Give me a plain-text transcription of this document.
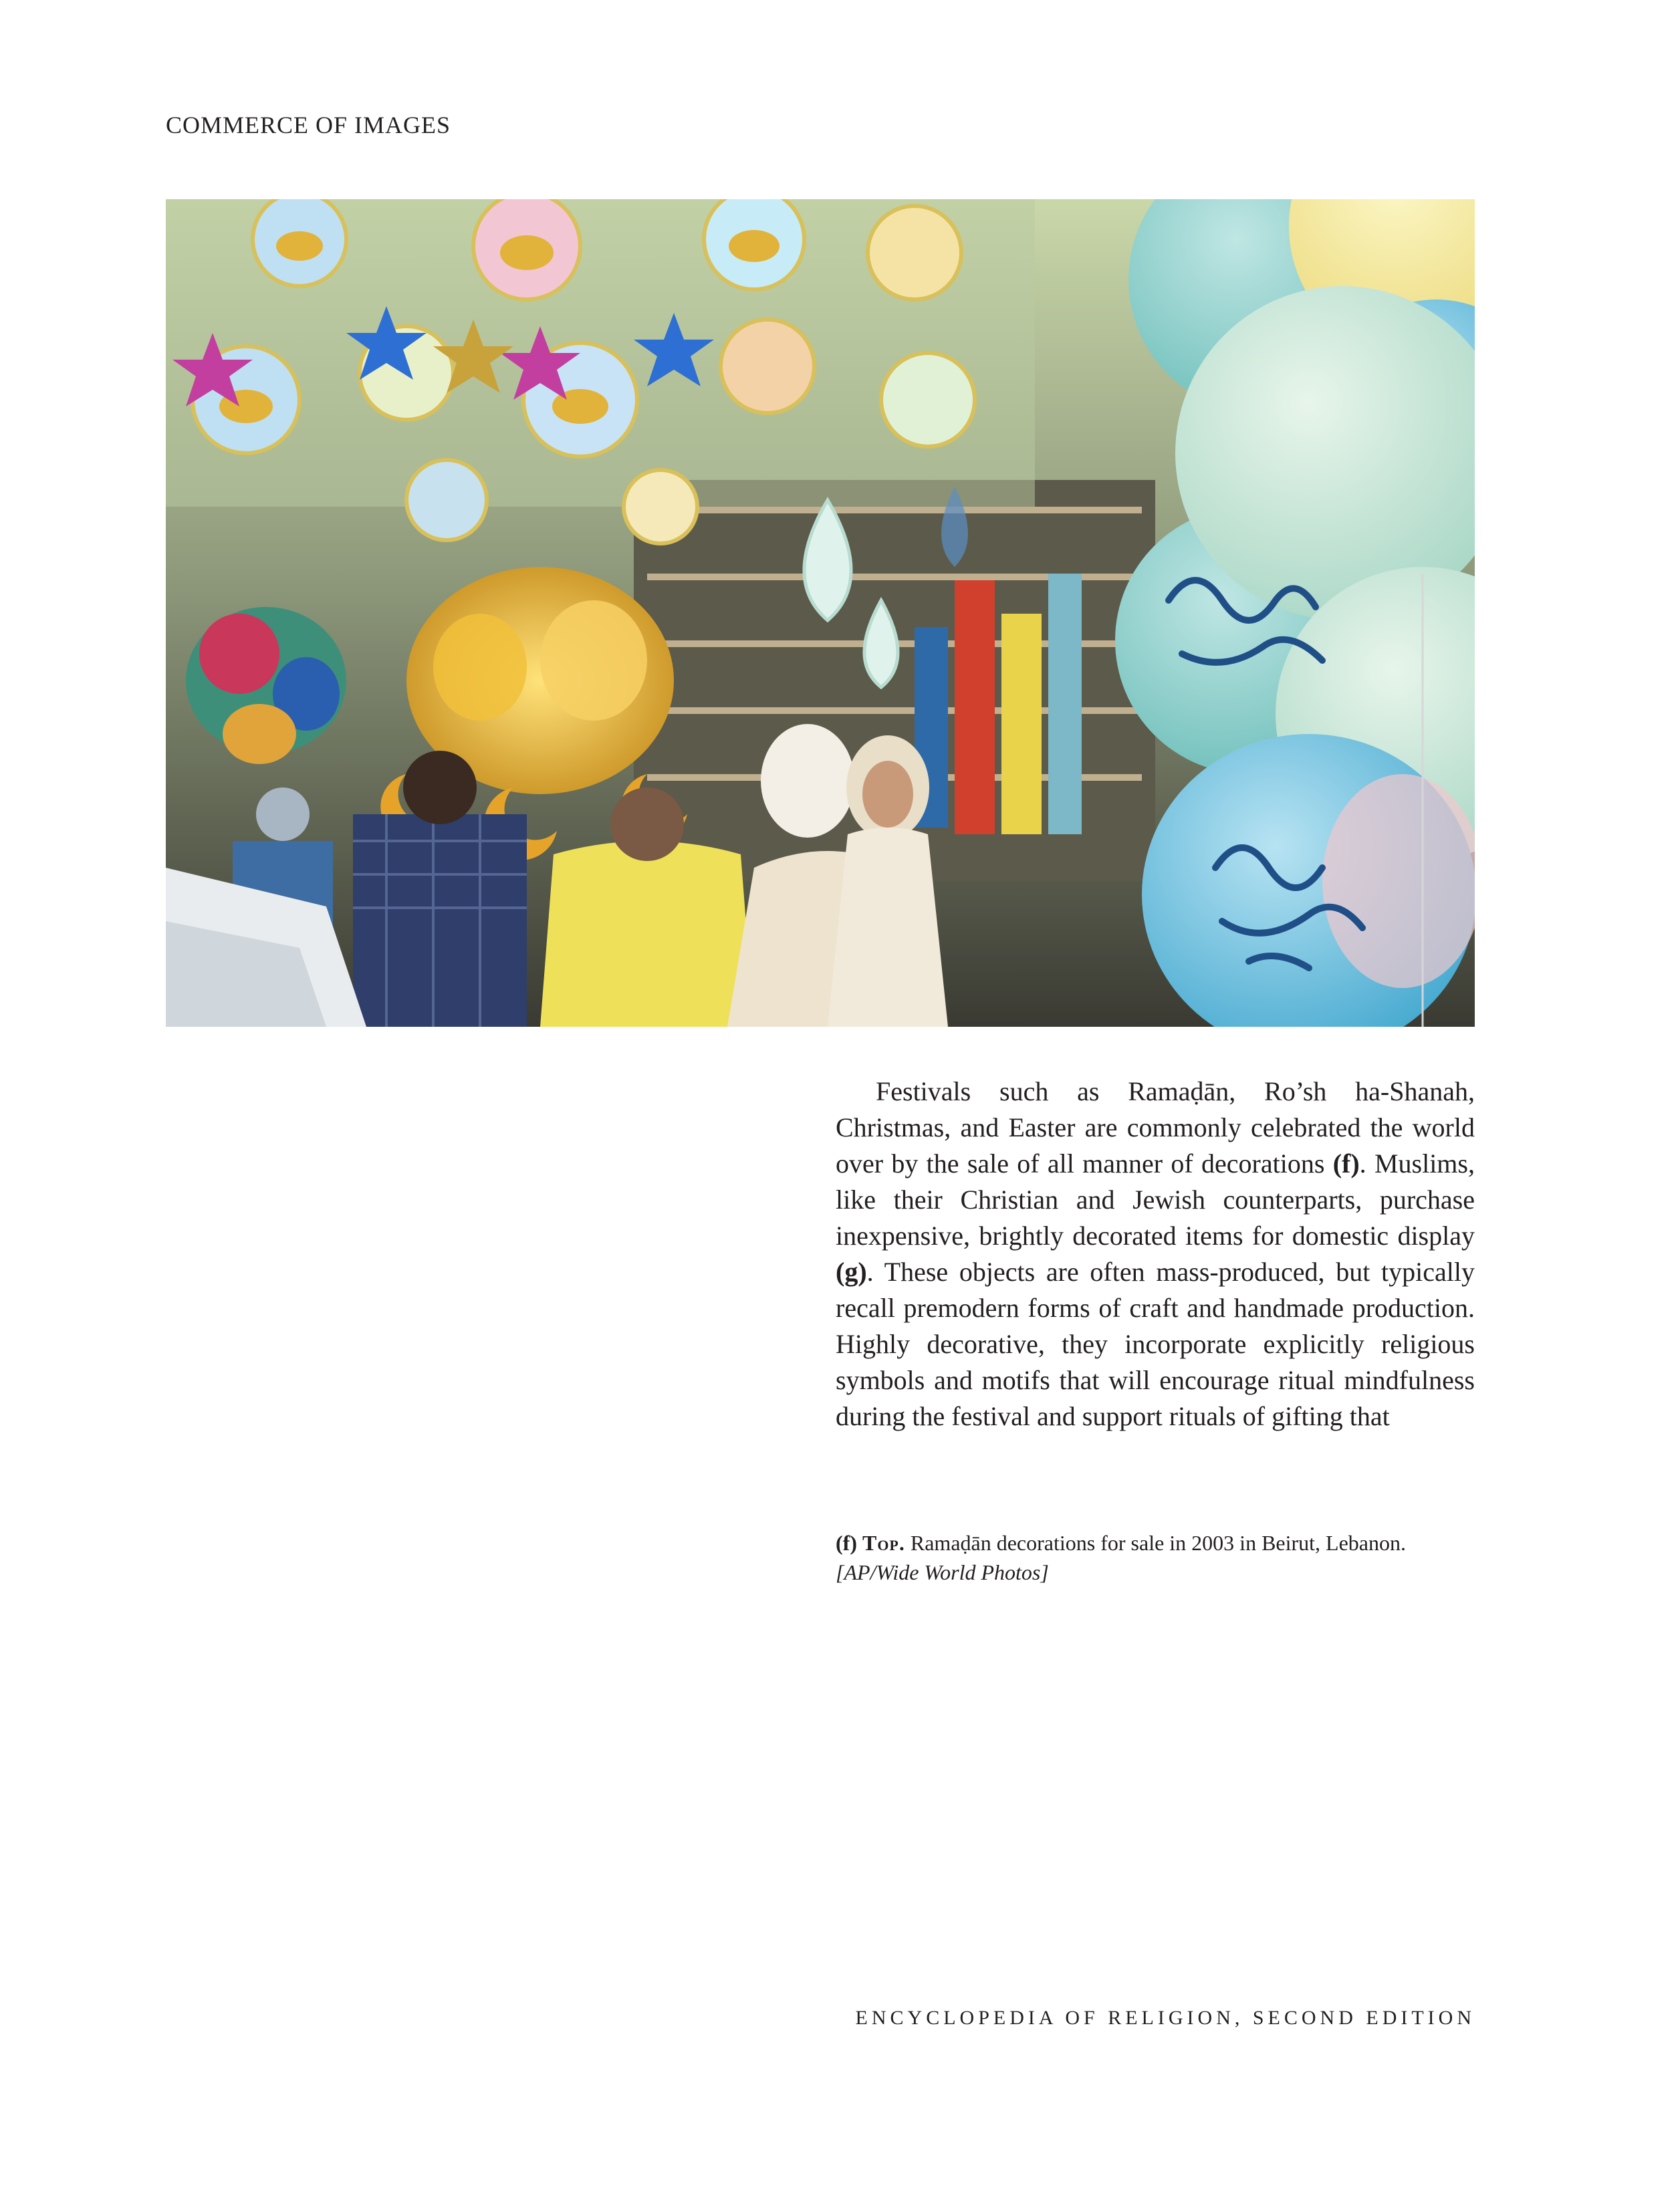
COMMERCE OF IMAGES

Festivals such as Ramaḍān, Ro’sh ha-Shanah, Christmas, and Easter are commonly celebrated the world over by the sale of all manner of decorations (f). Muslims, like their Christian and Jewish counterparts, purchase inexpensive, brightly decorated items for domestic display (g). These objects are often mass-produced, but typically recall premodern forms of craft and handmade production. Highly decorative, they incorporate explicitly religious symbols and motifs that will encourage ritual mindfulness during the festival and support rituals of gifting that

(f) Top. Ramaḍān decorations for sale in 2003 in Beirut, Lebanon. [AP/Wide World Photos]
ENCYCLOPEDIA OF RELIGION, SECOND EDITION
